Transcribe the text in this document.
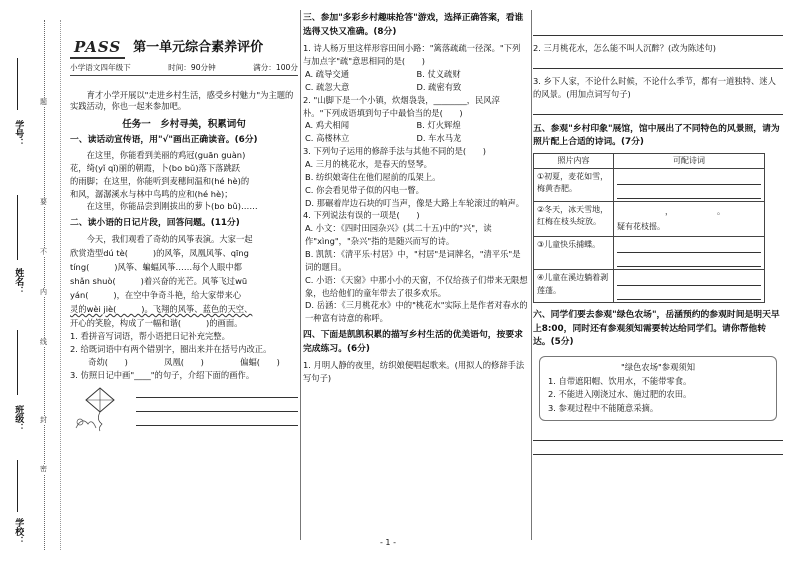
学号：
姓名：
班级：
学校：
题
要
不
内
线
封
密
PASS 第一单元综合素养评价
小学语文四年级下	时间：90分钟	满分：100分

育才小学开展以"走进乡村生活，感受乡村魅力"为主题的实践活动，你也一起来参加吧。

任务一　乡村寻美，积累词句
一、读话动宣传语，用"√"画出正确读音。(6分)

在这里，你能看到美丽的鸡冠(guān guàn)

花，绮(yǐ qǐ)丽的朝霞，卜(bo bǔ)落下落跳跃

的雨脚；在这里，你能听到麦穗间温和(hé hè)的

和风，潺潺溪水与林中鸟鸣的应和(hé hè)；

在这里，你能品尝到刚拔出的萝卜(bo bǔ)……

二、读小语的日记片段，回答问题。(11分)

今天，我们观看了奇幼的风筝表演。大家一起

欣赏造型dú tè(　　　)的风筝，凤凰风筝、qīng

tíng(　　　)风筝、蝙蝠风筝……每个人眼中都

shǎn shuò(　　　)着兴奋的光芒。风筝飞过wū

yán(　　　)，在空中争奇斗艳，给大家带来心

灵的wèi jiè(　　　)。飞翔的风筝、蓝色的天空、

开心的笑脸，构成了一幅和谐(　　　)的画面。

1. 看拼音写词语，帮小语把日记补充完整。

2. 给既词语中有两个错别字，圈出来并在括号内改正。

奇幼(　　)	凤凰(　　)	偏蝠(　　)

3. 仿照日记中画"____"的句子，介绍下面的画作。

三、参加"多彩乡村趣味抢答"游戏，选择正确答案，看谁选得又快又准确。(8分)

1. 诗人杨万里这样形容田间小路："篱落疏疏一径深。"下列与加点字"疏"意思相同的是(　　)

A. 疏导交通	B. 仗义疏财
C. 疏忽大意	D. 疏密有致

2. "山脚下是一个小镇，炊烟袅袅，________，民风淳朴。"下列成语填到句子中最恰当的是(　　)

A. 鸡犬相闻	B. 灯火辉煌
C. 高楼林立	D. 车水马龙

3. 下列句子运用的修辞手法与其他不同的是(　　)

A. 三月的桃花水，是春天的竖琴。

B. 纺织娘寄住在他们屋前的瓜架上。

C. 你会看见带子似的闪电一瞥。

D. 那碾着岸边石块的叮当声，像是大路上车轮滚过的响声。

4. 下列说法有误的一项是(　　)

A. 小文：《四时田园杂兴》(其二十五)中的"兴"，读作"xìng"，"杂兴"指的是随兴而写的诗。

B. 凯凯：《清平乐·村居》中，"村居"是词牌名，"清平乐"是词的题目。

C. 小语：《天窗》中那小小的天窗，不仅给孩子们带来无限想象，也给他们的童年带去了很多欢乐。

D. 岳涵：《三月桃花水》中的"桃花水"实际上是作者对春水的一种富有诗意的称呼。

四、下面是凯凯积累的描写乡村生活的优美语句，按要求完成练习。(6分)

1. 月明人静的夜里，纺织娘便唱起歌来。(用拟人的修辞手法写句子)

2. 三月桃花水，怎么能不叫人沉醉？(改为陈述句)

3. 乡下人家，不论什么时候，不论什么季节，都有一道独特、迷人的风景。(用加点词写句子)

五、参观"乡村印象"展馆，馆中展出了不同特色的风景照，请为照片配上合适的诗词。(7分)
照片内容	可配诗词
①初夏，麦花如雪，梅黄杏肥。	

②冬天，冰天雪地，红梅在枝头绽放。	　　　　　　，　　　　　　。
疑有花枝摇。
③儿童快乐捕蝶。	

④儿童在溪边躺着剥莲蓬。	
六、同学们要去参观"绿色农场"，岳涵预约的参观时间是明天早上8:00，同时还有参观须知需要转达给同学们。请你帮他转达。(5分)
"绿色农场"参观须知
1. 自带遮阳帽、饮用水，不能带零食。
2. 不能进入刚浇过水、施过肥的农田。
3. 参观过程中不能随意采摘。
- 1 -
